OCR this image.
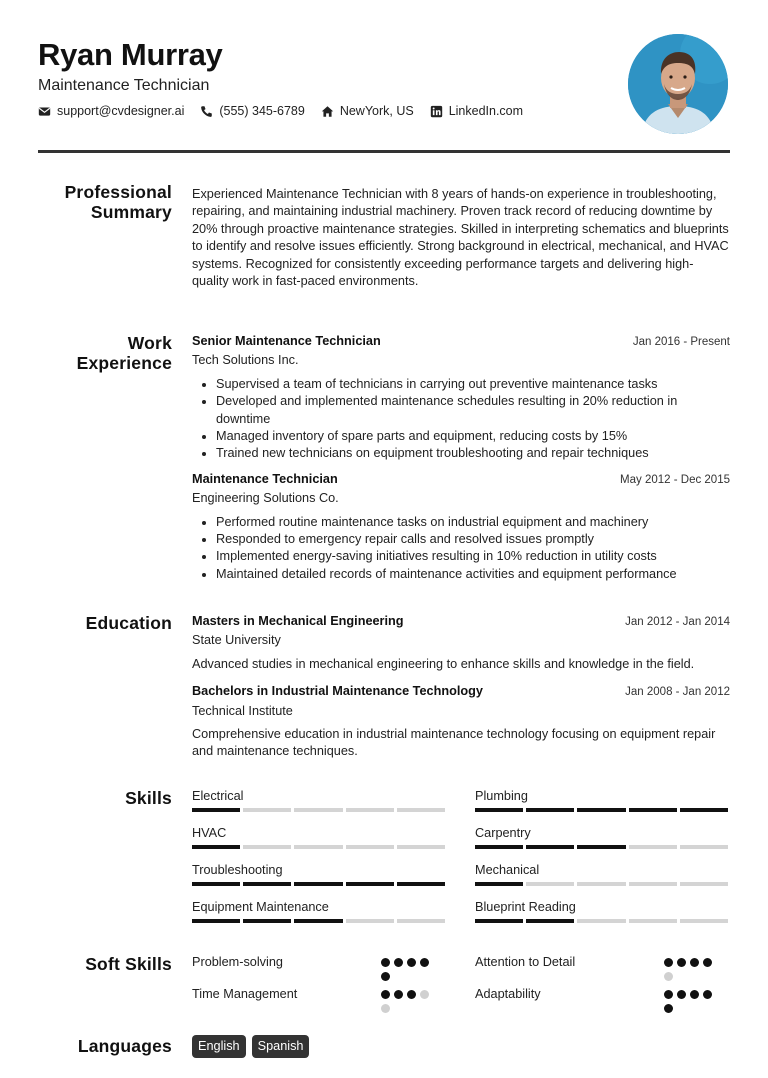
Ryan Murray
Maintenance Technician
support@cvdesigner.ai	(555) 345-6789	NewYork, US	LinkedIn.com
Professional
Summary
Experienced Maintenance Technician with 8 years of hands-on experience in troubleshooting, repairing, and maintaining industrial machinery. Proven track record of reducing downtime by 20% through proactive maintenance strategies. Skilled in interpreting schematics and blueprints to identify and resolve issues efficiently. Strong background in electrical, mechanical, and HVAC systems. Recognized for consistently exceeding performance targets and delivering high-quality work in fast-paced environments.
Work
Experience
Senior Maintenance Technician	Jan 2016 - Present
Tech Solutions Inc.
• Supervised a team of technicians in carrying out preventive maintenance tasks
• Developed and implemented maintenance schedules resulting in 20% reduction in downtime
• Managed inventory of spare parts and equipment, reducing costs by 15%
• Trained new technicians on equipment troubleshooting and repair techniques
Maintenance Technician	May 2012 - Dec 2015
Engineering Solutions Co.
• Performed routine maintenance tasks on industrial equipment and machinery
• Responded to emergency repair calls and resolved issues promptly
• Implemented energy-saving initiatives resulting in 10% reduction in utility costs
• Maintained detailed records of maintenance activities and equipment performance
Education Masters in Mechanical Engineering	Jan 2012 - Jan 2014
State University
Advanced studies in mechanical engineering to enhance skills and knowledge in the field.
Bachelors in Industrial Maintenance Technology	Jan 2008 - Jan 2012
Technical Institute
Comprehensive education in industrial maintenance technology focusing on equipment repair and maintenance techniques.
Skills Electrical	Plumbing
HVAC	Carpentry
Troubleshooting	Mechanical
Equipment Maintenance	Blueprint Reading
Soft Skills Problem-solving	Attention to Detail
Time Management	Adaptability
Languages	English	Spanish
